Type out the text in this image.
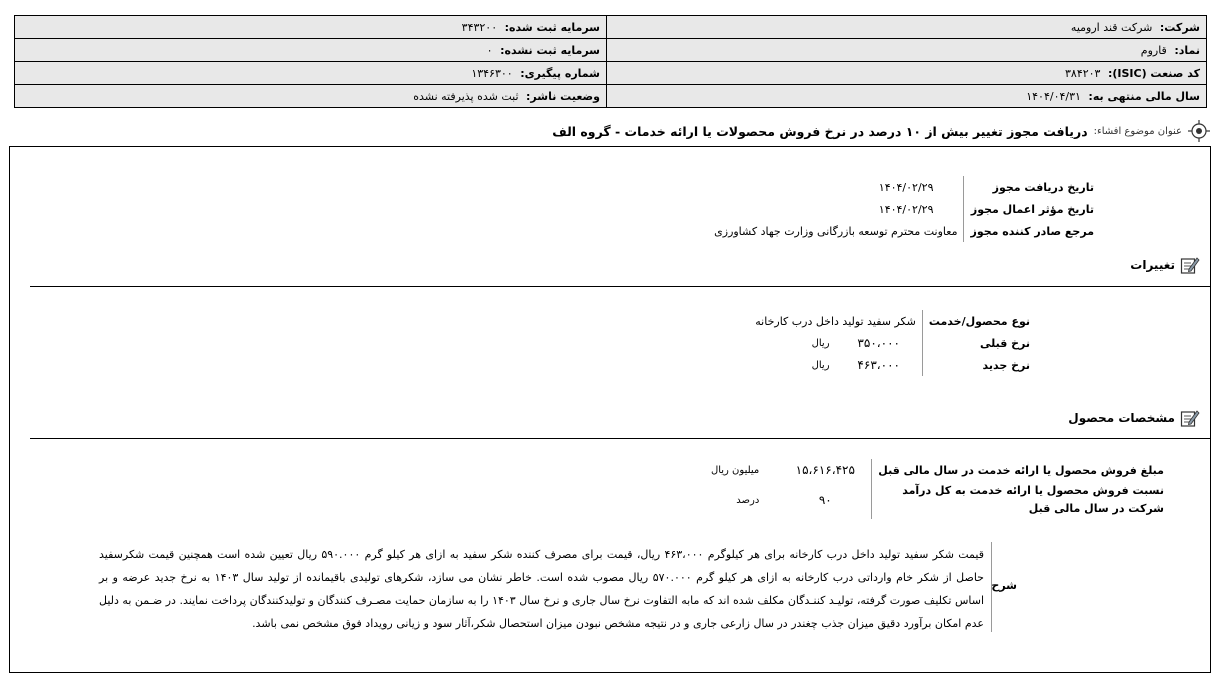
شرکت: شرکت قند ارومیه	سرمایه ثبت شده: ۳۴۳۲۰۰
نماد: قاروم	سرمایه ثبت نشده: ۰
کد صنعت (ISIC): ۳۸۴۲۰۳	شماره پیگیری: ۱۳۴۶۳۰۰
سال مالی منتهی به: ۱۴۰۴/۰۴/۳۱	وضعیت ناشر: ثبت شده پذیرفته نشده
عنوان موضوع افشاء:
دریافت مجوز تغییر بیش از ۱۰ درصد در نرخ فروش محصولات یا ارائه خدمات - گروه الف
تاریخ دریافت مجوز	۱۴۰۴/۰۲/۲۹
تاریخ مؤثر اعمال مجوز	۱۴۰۴/۰۲/۲۹
مرجع صادر کننده مجوز	معاونت محترم توسعه بازرگانی وزارت جهاد کشاورزی
تغییرات
نوع محصول/خدمت	شکر سفید تولید داخل درب کارخانه	
نرخ قبلی	۳۵۰،۰۰۰	ریال
نرخ جدید	۴۶۳،۰۰۰	ریال
مشخصات محصول
مبلغ فروش محصول یا ارائه خدمت در سال مالی قبل	۱۵،۶۱۶،۴۲۵	میلیون ریال
نسبت فروش محصول یا ارائه خدمت به کل درآمد
شرکت در سال مالی قبل	۹۰	درصد
شرح
قیمت شکر سفید تولید داخل درب کارخانه برای هر کیلوگرم ۴۶۳،۰۰۰ ریال، قیمت برای مصرف کننده شکر سفید به ازای هر کیلو گرم ۵۹۰.۰۰۰ ریال تعیین شده است همچنین قیمت شکرسفید حاصل از شکر خام وارداتی درب کارخانه به ازای هر کیلو گرم ۵۷۰.۰۰۰ ریال مصوب شده است. خاطر نشان می سازد، شکرهای تولیدی باقیمانده از تولید سال ۱۴۰۳ به نرخ جدید عرضه و بر اساس تکلیف صورت گرفته، تولیـد کننـدگان مکلف شده اند که مابه التفاوت نرخ سال جاری و نرخ سال ۱۴۰۳ را به سازمان حمایت مصـرف کنندگان و تولیدکنندگان پرداخت نمایند. در ضـمن به دلیل عدم امکان برآورد دقیق میزان جذب چغندر در سال زارعی جاری و در نتیجه مشخص نبودن میزان استحصال شکر،آثار سود و زیانی رویداد فوق مشخص نمی باشد.
